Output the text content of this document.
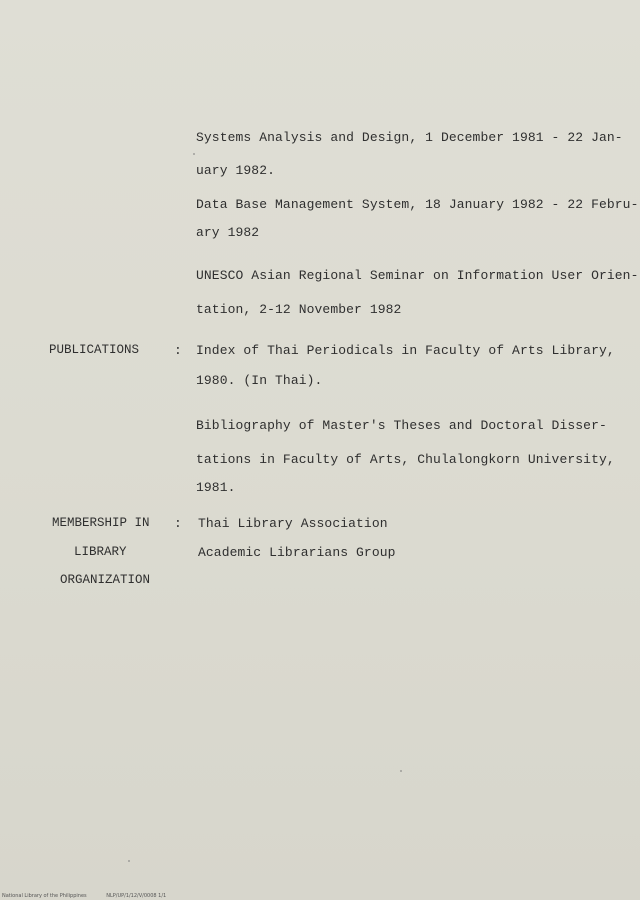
Systems Analysis and Design, 1 December 1981 - 22 Jan-
uary 1982.
Data Base Management System, 18 January 1982 - 22 Febru-
ary 1982
UNESCO Asian Regional Seminar on Information User Orien-
tation, 2-12 November 1982
PUBLICATIONS	: Index of Thai Periodicals in Faculty of Arts Library,
1980. (In Thai).
Bibliography of Master's Theses and Doctoral Disser-
tations in Faculty of Arts, Chulalongkorn University,
1981.
MEMBERSHIP IN
LIBRARY
ORGANIZATION
: Thai Library Association
Academic Librarians Group
National Library of the Philippines	NLP/UP/1/12/V/0008 1/1
